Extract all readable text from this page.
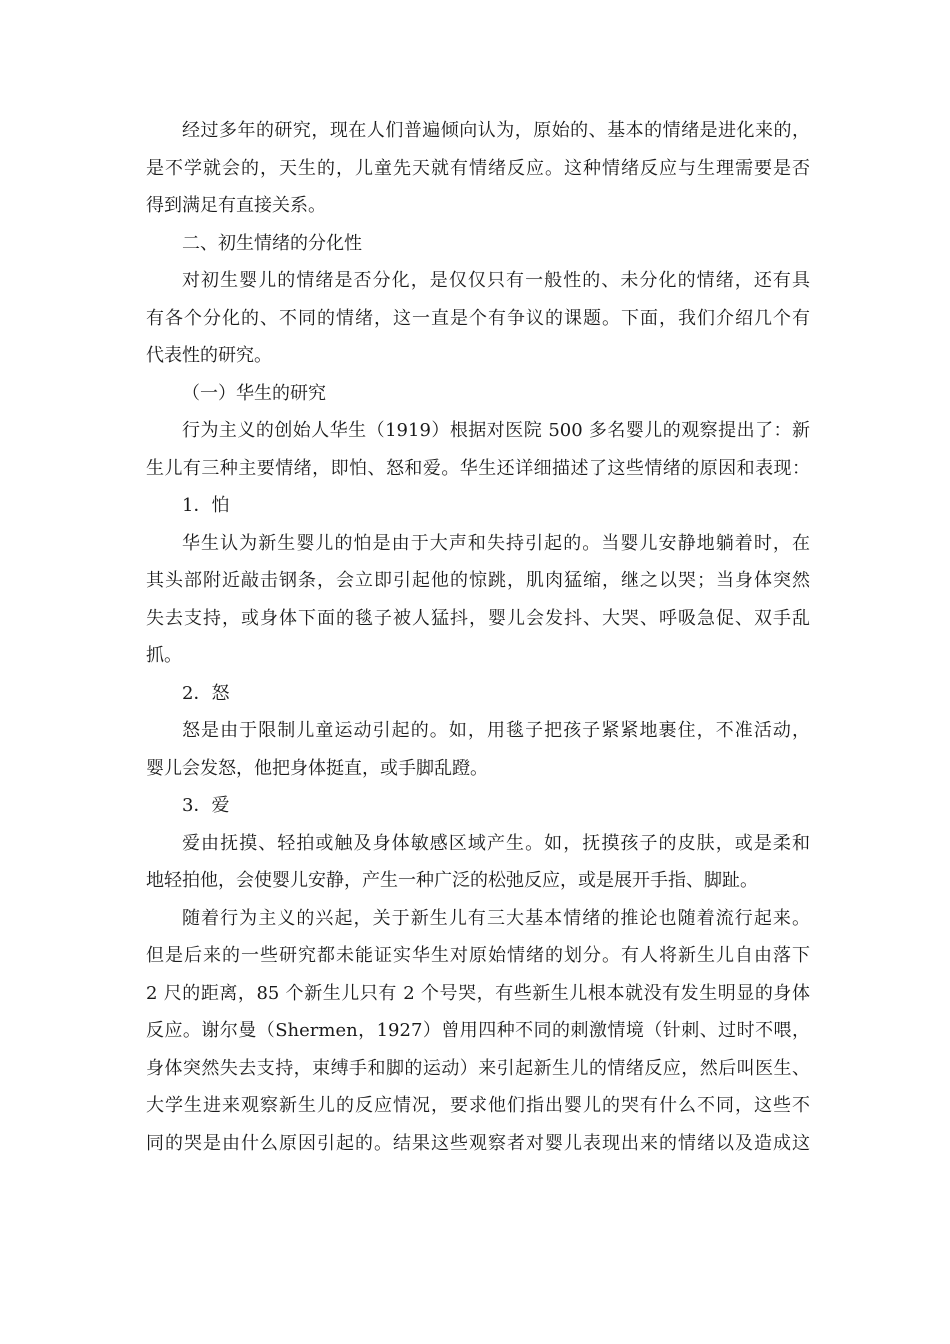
经过多年的研究，现在人们普遍倾向认为，原始的、基本的情绪是进化来的，
是不学就会的，天生的，儿童先天就有情绪反应。这种情绪反应与生理需要是否
得到满足有直接关系。
二、初生情绪的分化性
对初生婴儿的情绪是否分化，是仅仅只有一般性的、未分化的情绪，还有具
有各个分化的、不同的情绪，这一直是个有争议的课题。下面，我们介绍几个有
代表性的研究。
（一）华生的研究
行为主义的创始人华生（1919）根据对医院 500 多名婴儿的观察提出了：新
生儿有三种主要情绪，即怕、怒和爱。华生还详细描述了这些情绪的原因和表现：
1．怕
华生认为新生婴儿的怕是由于大声和失持引起的。当婴儿安静地躺着时，在
其头部附近敲击钢条，会立即引起他的惊跳，肌肉猛缩，继之以哭；当身体突然
失去支持，或身体下面的毯子被人猛抖，婴儿会发抖、大哭、呼吸急促、双手乱
抓。
2．怒
怒是由于限制儿童运动引起的。如，用毯子把孩子紧紧地裹住，不准活动，
婴儿会发怒，他把身体挺直，或手脚乱蹬。
3．爱
爱由抚摸、轻拍或触及身体敏感区域产生。如，抚摸孩子的皮肤，或是柔和
地轻拍他，会使婴儿安静，产生一种广泛的松弛反应，或是展开手指、脚趾。
随着行为主义的兴起，关于新生儿有三大基本情绪的推论也随着流行起来。
但是后来的一些研究都未能证实华生对原始情绪的划分。有人将新生儿自由落下
2 尺的距离，85 个新生儿只有 2 个号哭，有些新生儿根本就没有发生明显的身体
反应。谢尔曼（Shermen，1927）曾用四种不同的刺激情境（针刺、过时不喂，
身体突然失去支持，束缚手和脚的运动）来引起新生儿的情绪反应，然后叫医生、
大学生进来观察新生儿的反应情况，要求他们指出婴儿的哭有什么不同，这些不
同的哭是由什么原因引起的。结果这些观察者对婴儿表现出来的情绪以及造成这
